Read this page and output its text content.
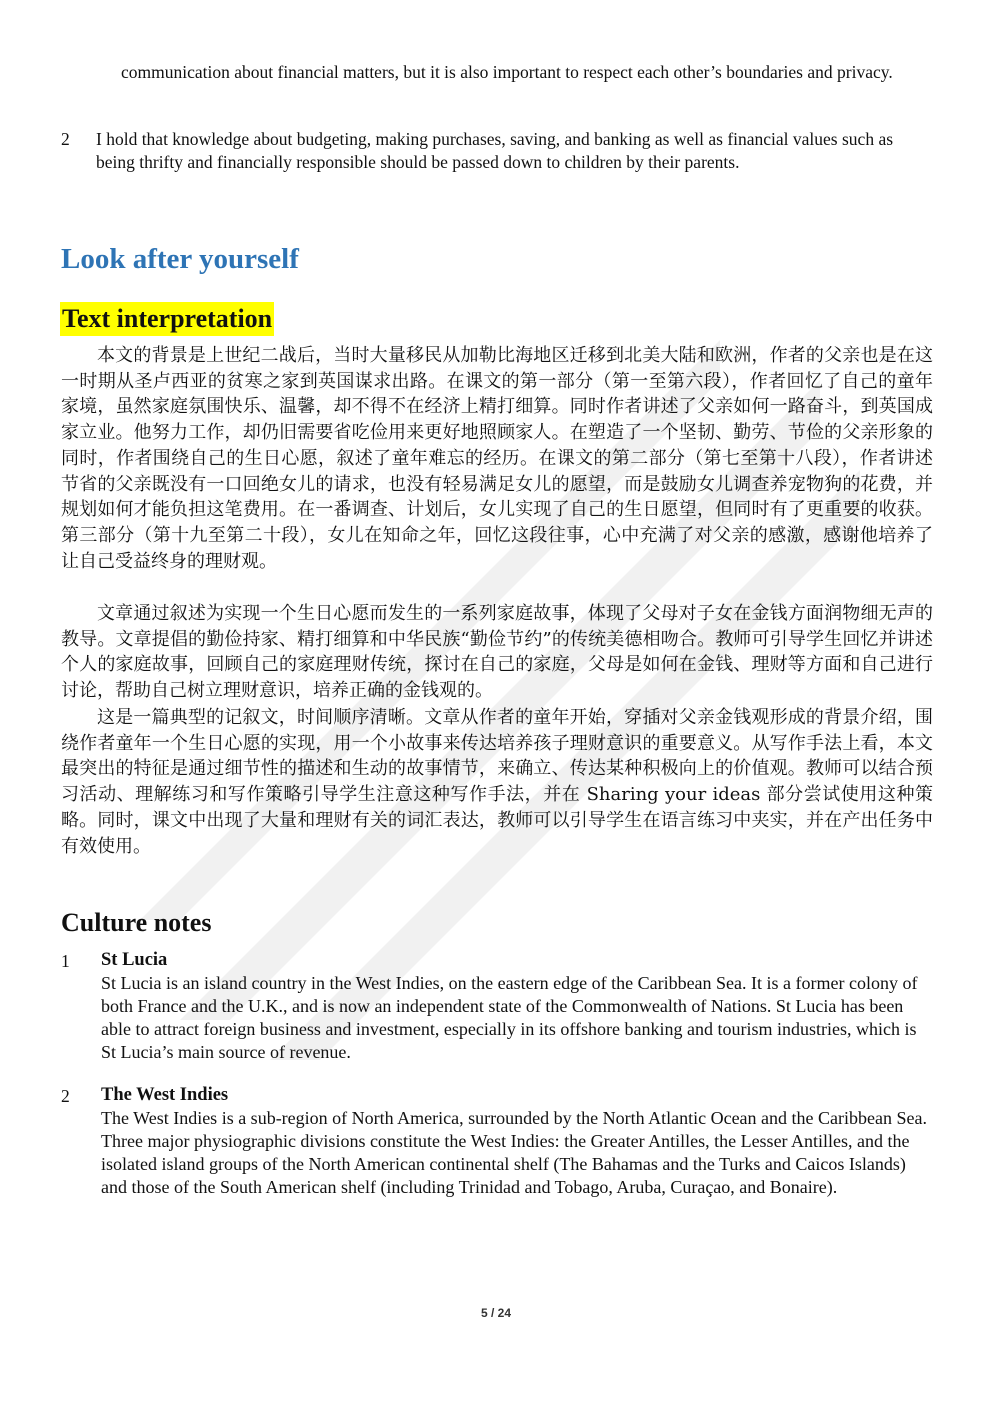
communication about financial matters, but it is also important to respect each other’s boundaries and privacy.

2 I hold that knowledge about budgeting, making purchases, saving, and banking as well as financial values such as being thrifty and financially responsible should be passed down to children by their parents.

Look after yourself
Text interpretation

本文的背景是上世纪二战后，当时大量移民从加勒比海地区迁移到北美大陆和欧洲，作者的父亲也是在这一时期从圣卢西亚的贫寒之家到英国谋求出路。在课文的第一部分（第一至第六段），作者回忆了自己的童年家境，虽然家庭氛围快乐、温馨，却不得不在经济上精打细算。同时作者讲述了父亲如何一路奋斗，到英国成家立业。他努力工作，却仍旧需要省吃俭用来更好地照顾家人。在塑造了一个坚韧、勤劳、节俭的父亲形象的同时，作者围绕自己的生日心愿，叙述了童年难忘的经历。在课文的第二部分（第七至第十八段），作者讲述节省的父亲既没有一口回绝女儿的请求，也没有轻易满足女儿的愿望，而是鼓励女儿调查养宠物狗的花费，并规划如何才能负担这笔费用。在一番调查、计划后，女儿实现了自己的生日愿望，但同时有了更重要的收获。第三部分（第十九至第二十段），女儿在知命之年，回忆这段往事，心中充满了对父亲的感激，感谢他培养了让自己受益终身的理财观。

文章通过叙述为实现一个生日心愿而发生的一系列家庭故事，体现了父母对子女在金钱方面润物细无声的教导。文章提倡的勤俭持家、精打细算和中华民族“勤俭节约”的传统美德相吻合。教师可引导学生回忆并讲述个人的家庭故事，回顾自己的家庭理财传统，探讨在自己的家庭，父母是如何在金钱、理财等方面和自己进行讨论，帮助自己树立理财意识，培养正确的金钱观的。

这是一篇典型的记叙文，时间顺序清晰。文章从作者的童年开始，穿插对父亲金钱观形成的背景介绍，围绕作者童年一个生日心愿的实现，用一个小故事来传达培养孩子理财意识的重要意义。从写作手法上看，本文最突出的特征是通过细节性的描述和生动的故事情节，来确立、传达某种积极向上的价值观。教师可以结合预习活动、理解练习和写作策略引导学生注意这种写作手法，并在 Sharing your ideas 部分尝试使用这种策略。同时，课文中出现了大量和理财有关的词汇表达，教师可以引导学生在语言练习中夹实，并在产出任务中有效使用。

Culture notes
1 St Lucia

St Lucia is an island country in the West Indies, on the eastern edge of the Caribbean Sea. It is a former colony of both France and the U.K., and is now an independent state of the Commonwealth of Nations. St Lucia has been able to attract foreign business and investment, especially in its offshore banking and tourism industries, which is St Lucia’s main source of revenue.

2 The West Indies

The West Indies is a sub-region of North America, surrounded by the North Atlantic Ocean and the Caribbean Sea. Three major physiographic divisions constitute the West Indies: the Greater Antilles, the Lesser Antilles, and the isolated island groups of the North American continental shelf (The Bahamas and the Turks and Caicos Islands) and those of the South American shelf (including Trinidad and Tobago, Aruba, Curaçao, and Bonaire).

5 / 24
